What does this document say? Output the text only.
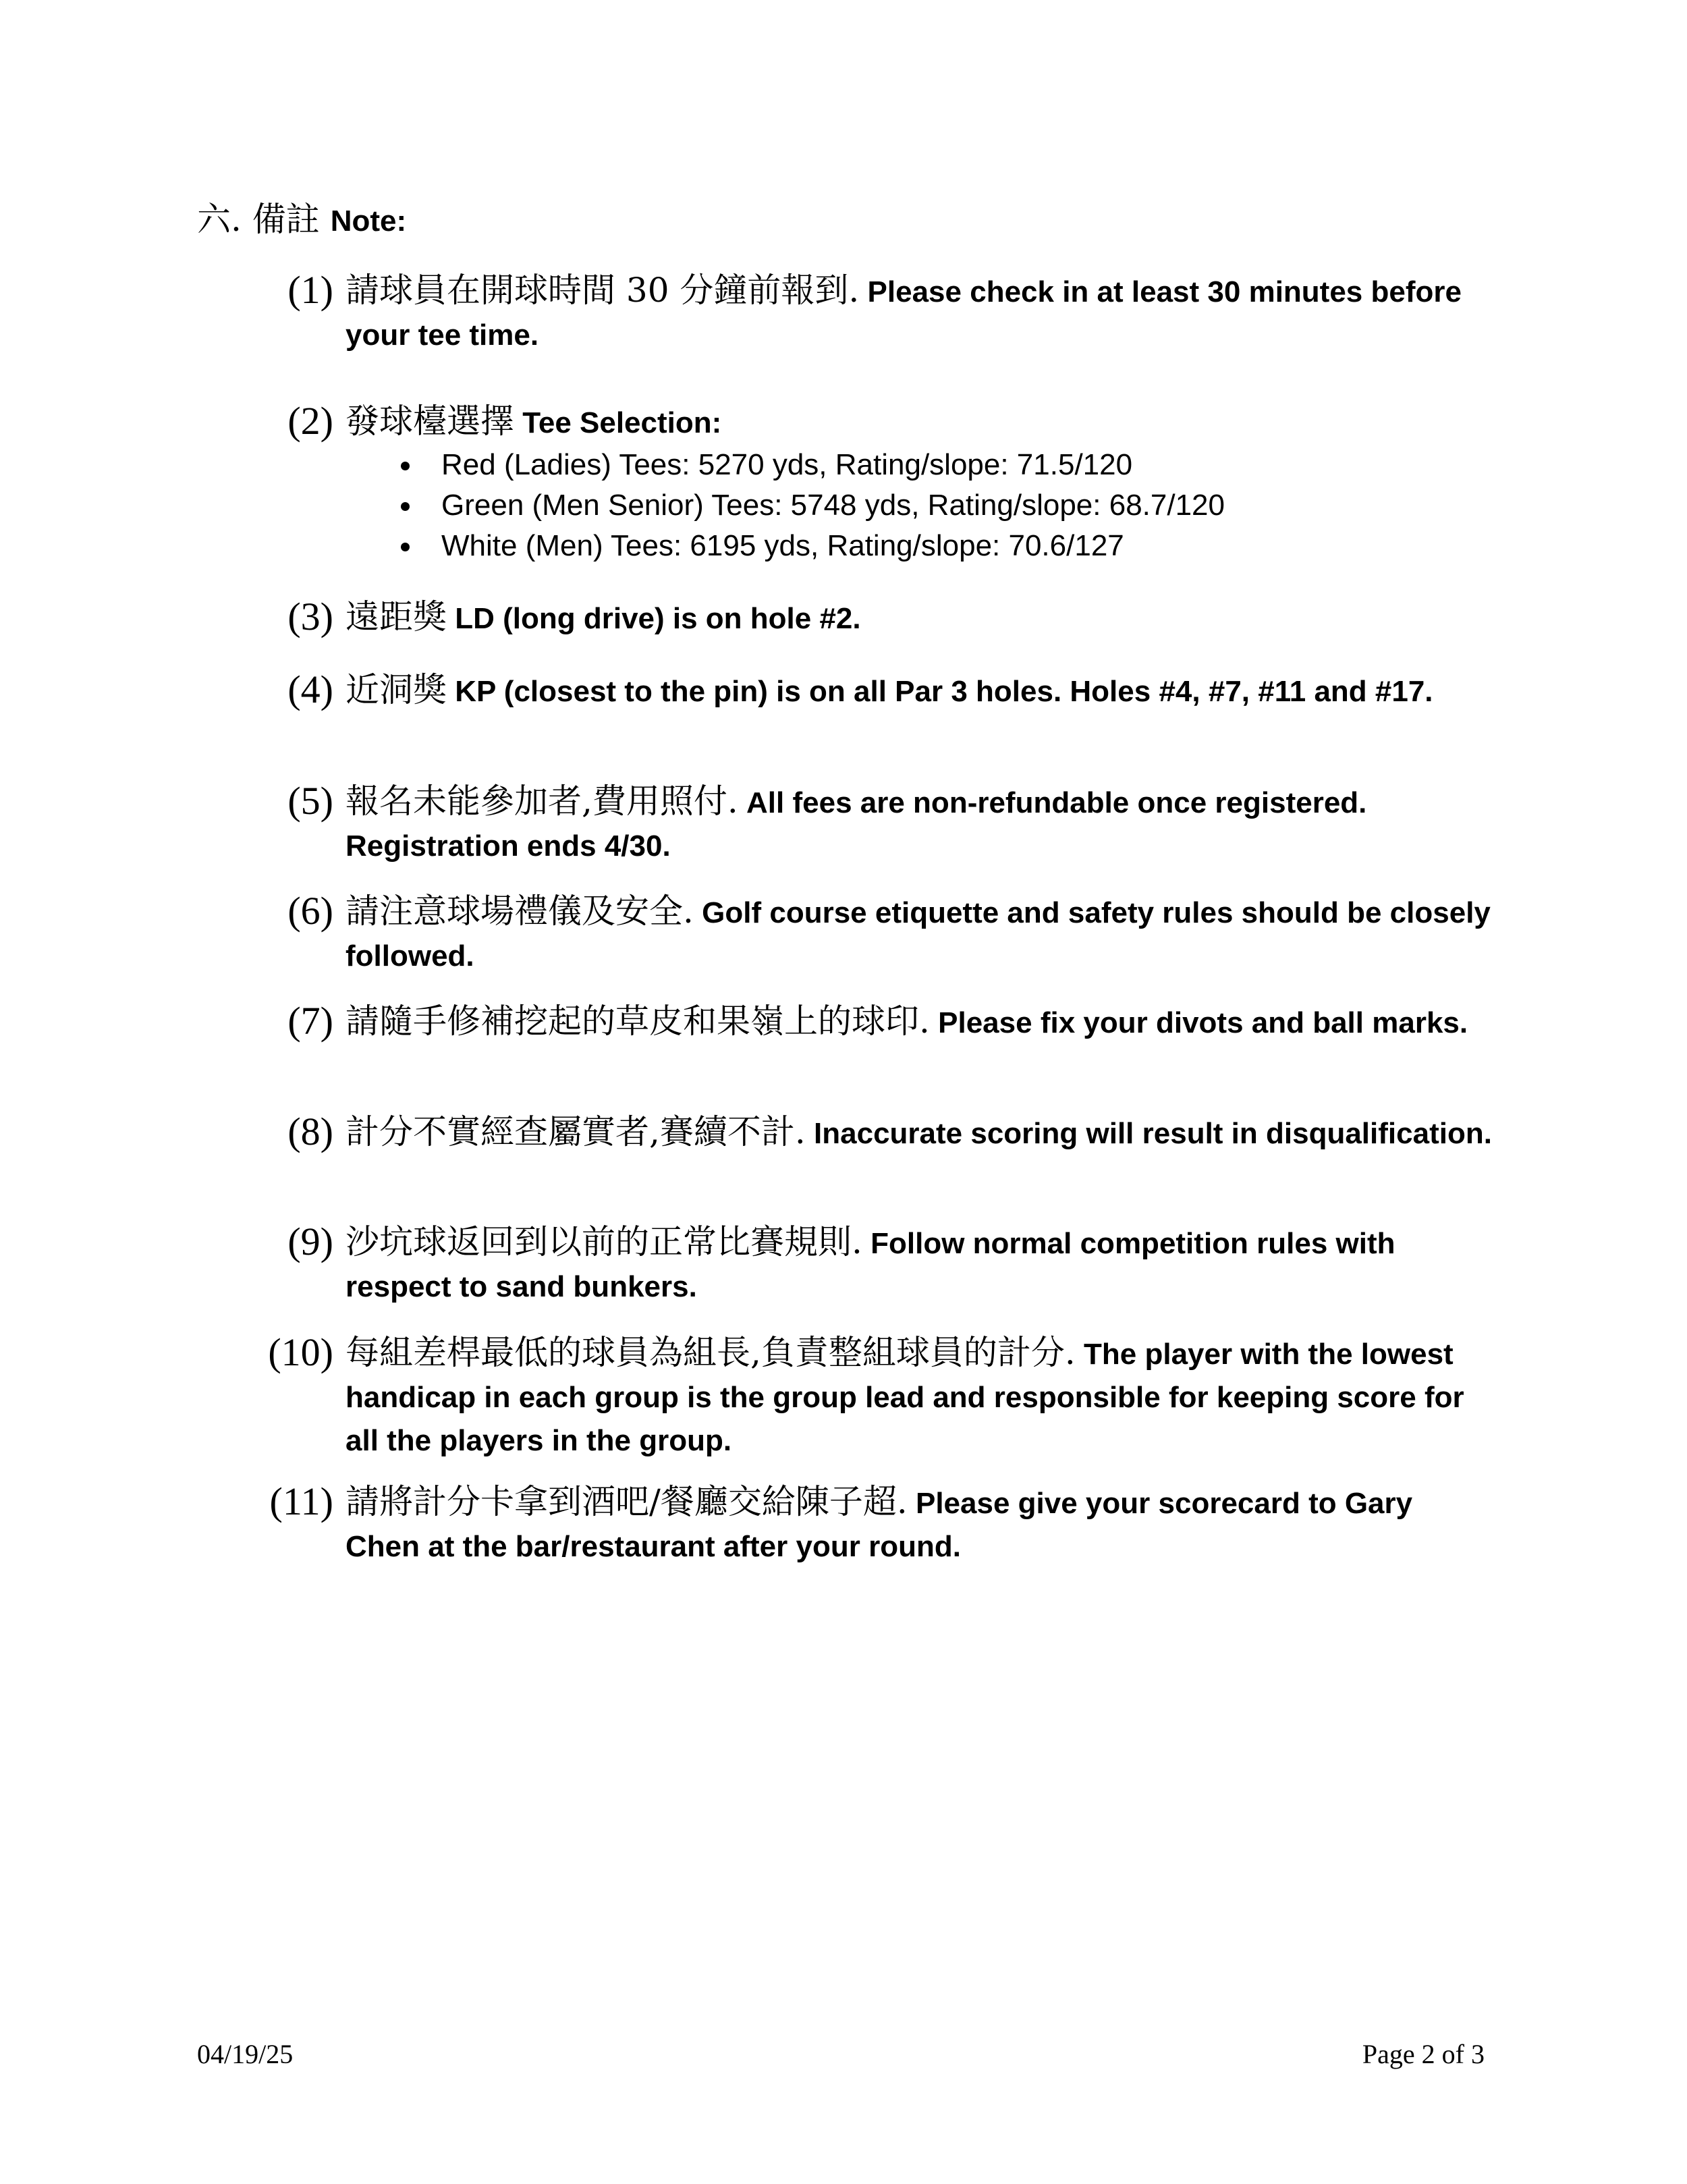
六. 備註 Note:
(1) 請球員在開球時間 30 分鐘前報到. Please check in at least 30 minutes before your tee time.
(2) 發球檯選擇 Tee Selection:
Red (Ladies) Tees: 5270 yds, Rating/slope: 71.5/120
Green (Men Senior) Tees: 5748 yds, Rating/slope: 68.7/120
White (Men) Tees: 6195 yds, Rating/slope: 70.6/127
(3) 遠距獎 LD (long drive) is on hole #2.
(4) 近洞獎 KP (closest to the pin) is on all Par 3 holes. Holes #4, #7, #11 and #17.
(5) 報名未能參加者,費用照付. All fees are non-refundable once registered. Registration ends 4/30.
(6) 請注意球場禮儀及安全. Golf course etiquette and safety rules should be closely followed.
(7) 請隨手修補挖起的草皮和果嶺上的球印. Please fix your divots and ball marks.
(8) 計分不實經查屬實者,賽續不計. Inaccurate scoring will result in disqualification.
(9) 沙坑球返回到以前的正常比賽規則. Follow normal competition rules with respect to sand bunkers.
(10) 每組差桿最低的球員為組長,負責整組球員的計分. The player with the lowest handicap in each group is the group lead and responsible for keeping score for all the players in the group.
(11) 請將計分卡拿到酒吧/餐廳交給陳子超. Please give your scorecard to Gary Chen at the bar/restaurant after your round.
04/19/25	Page 2 of 3
